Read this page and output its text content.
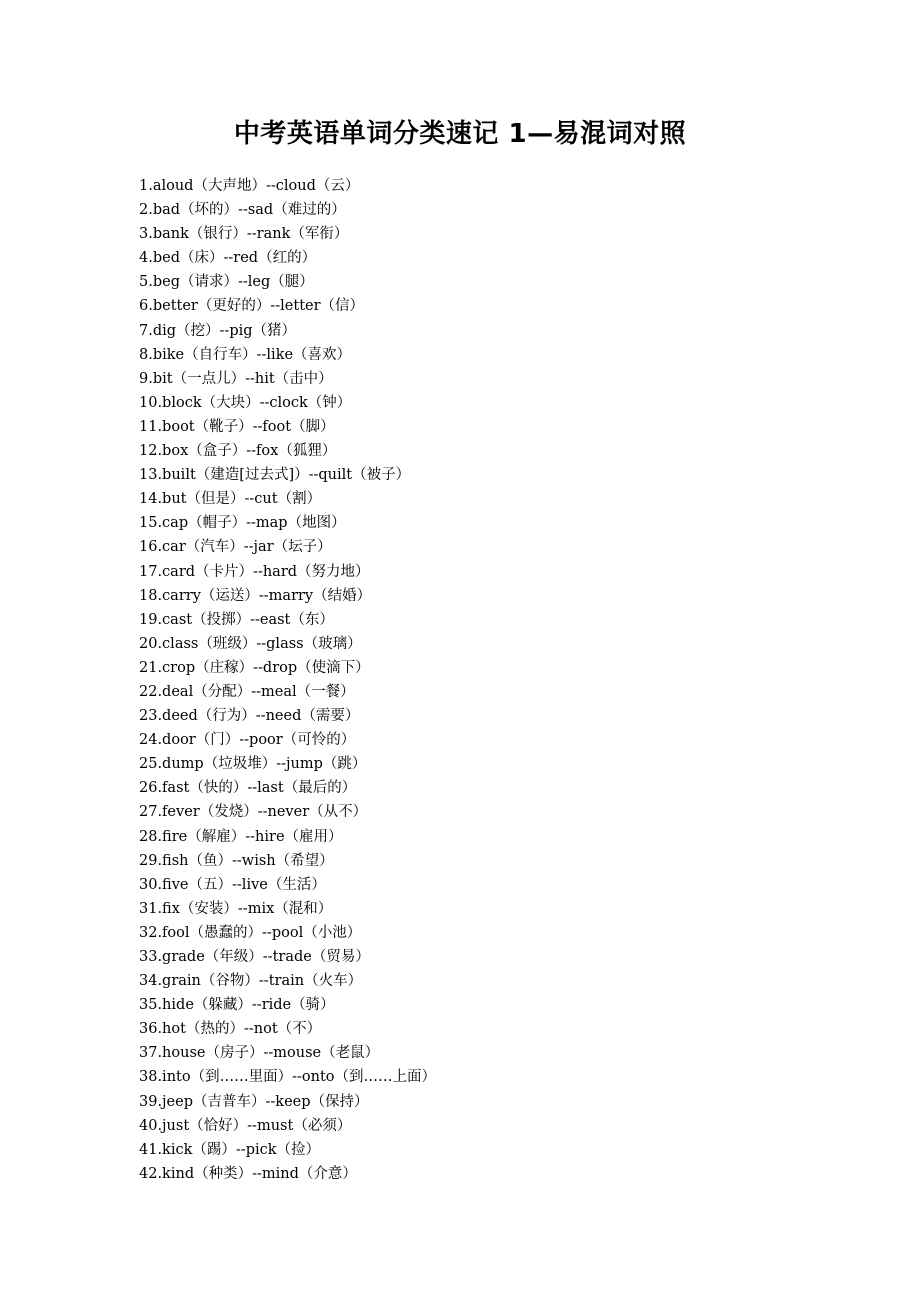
中考英语单词分类速记 1—易混词对照
1.aloud（大声地）--cloud（云）
2.bad（坏的）--sad（难过的）
3.bank（银行）--rank（军衔）
4.bed（床）--red（红的）
5.beg（请求）--leg（腿）
6.better（更好的）--letter（信）
7.dig（挖）--pig（猪）
8.bike（自行车）--like（喜欢）
9.bit（一点儿）--hit（击中）
10.block（大块）--clock（钟）
11.boot（靴子）--foot（脚）
12.box（盒子）--fox（狐狸）
13.built（建造[过去式]）--quilt（被子）
14.but（但是）--cut（割）
15.cap（帽子）--map（地图）
16.car（汽车）--jar（坛子）
17.card（卡片）--hard（努力地）
18.carry（运送）--marry（结婚）
19.cast（投掷）--east（东）
20.class（班级）--glass（玻璃）
21.crop（庄稼）--drop（使滴下）
22.deal（分配）--meal（一餐）
23.deed（行为）--need（需要）
24.door（门）--poor（可怜的）
25.dump（垃圾堆）--jump（跳）
26.fast（快的）--last（最后的）
27.fever（发烧）--never（从不）
28.fire（解雇）--hire（雇用）
29.fish（鱼）--wish（希望）
30.five（五）--live（生活）
31.fix（安装）--mix（混和）
32.fool（愚蠢的）--pool（小池）
33.grade（年级）--trade（贸易）
34.grain（谷物）--train（火车）
35.hide（躲藏）--ride（骑）
36.hot（热的）--not（不）
37.house（房子）--mouse（老鼠）
38.into（到……里面）--onto（到……上面）
39.jeep（吉普车）--keep（保持）
40.just（恰好）--must（必须）
41.kick（踢）--pick（捡）
42.kind（种类）--mind（介意）
